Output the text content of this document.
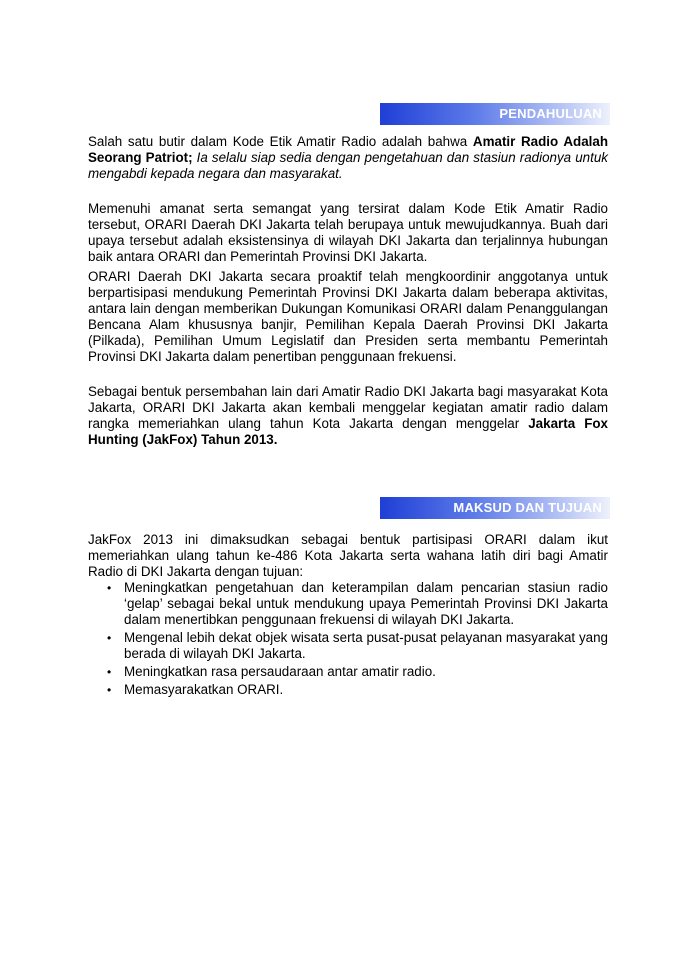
PENDAHULUAN

Salah satu butir dalam Kode Etik Amatir Radio adalah bahwa Amatir Radio Adalah Seorang Patriot; Ia selalu siap sedia dengan pengetahuan dan stasiun radionya untuk mengabdi kepada negara dan masyarakat.

Memenuhi amanat serta semangat yang tersirat dalam Kode Etik Amatir Radio tersebut, ORARI Daerah DKI Jakarta telah berupaya untuk mewujudkannya. Buah dari upaya tersebut adalah eksistensinya di wilayah DKI Jakarta dan terjalinnya hubungan baik antara ORARI dan Pemerintah Provinsi DKI Jakarta.

ORARI Daerah DKI Jakarta secara proaktif telah mengkoordinir anggotanya untuk berpartisipasi mendukung Pemerintah Provinsi DKI Jakarta dalam beberapa aktivitas, antara lain dengan memberikan Dukungan Komunikasi ORARI dalam Penanggulangan Bencana Alam khususnya banjir, Pemilihan Kepala Daerah Provinsi DKI Jakarta (Pilkada), Pemilihan Umum Legislatif dan Presiden serta membantu Pemerintah Provinsi DKI Jakarta dalam penertiban penggunaan frekuensi.

Sebagai bentuk persembahan lain dari Amatir Radio DKI Jakarta bagi masyarakat Kota Jakarta, ORARI DKI Jakarta akan kembali menggelar kegiatan amatir radio dalam rangka memeriahkan ulang tahun Kota Jakarta dengan menggelar Jakarta Fox Hunting (JakFox) Tahun 2013.

MAKSUD DAN TUJUAN

JakFox 2013 ini dimaksudkan sebagai bentuk partisipasi ORARI dalam ikut memeriahkan ulang tahun ke-486 Kota Jakarta serta wahana latih diri bagi Amatir Radio di DKI Jakarta dengan tujuan:

• Meningkatkan pengetahuan dan keterampilan dalam pencarian stasiun radio ‘gelap’ sebagai bekal untuk mendukung upaya Pemerintah Provinsi DKI Jakarta dalam menertibkan penggunaan frekuensi di wilayah DKI Jakarta.
• Mengenal lebih dekat objek wisata serta pusat-pusat pelayanan masyarakat yang berada di wilayah DKI Jakarta.
• Meningkatkan rasa persaudaraan antar amatir radio.
• Memasyarakatkan ORARI.
